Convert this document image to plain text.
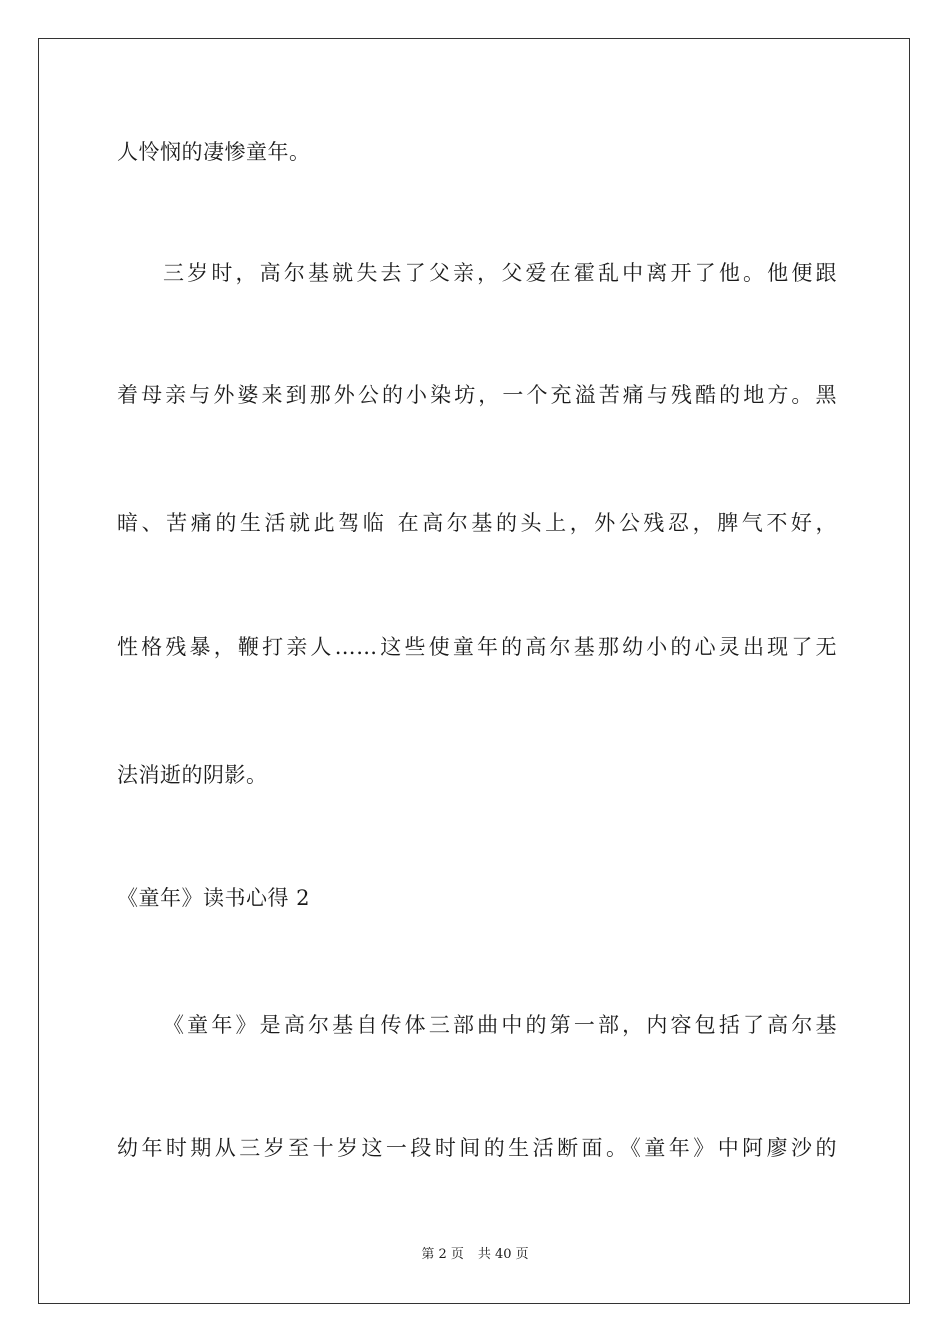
人怜悯的凄惨童年。
三岁时，高尔基就失去了父亲，父爱在霍乱中离开了他。他便跟
着母亲与外婆来到那外公的小染坊，一个充溢苦痛与残酷的地方。黑
暗、苦痛的生活就此驾临 在高尔基的头上，外公残忍，脾气不好，
性格残暴，鞭打亲人……这些使童年的高尔基那幼小的心灵出现了无
法消逝的阴影。
《童年》读书心得 2
《童年》是高尔基自传体三部曲中的第一部，内容包括了高尔基
幼年时期从三岁至十岁这一段时间的生活断面。《童年》中阿廖沙的
第 2 页 共 40 页
